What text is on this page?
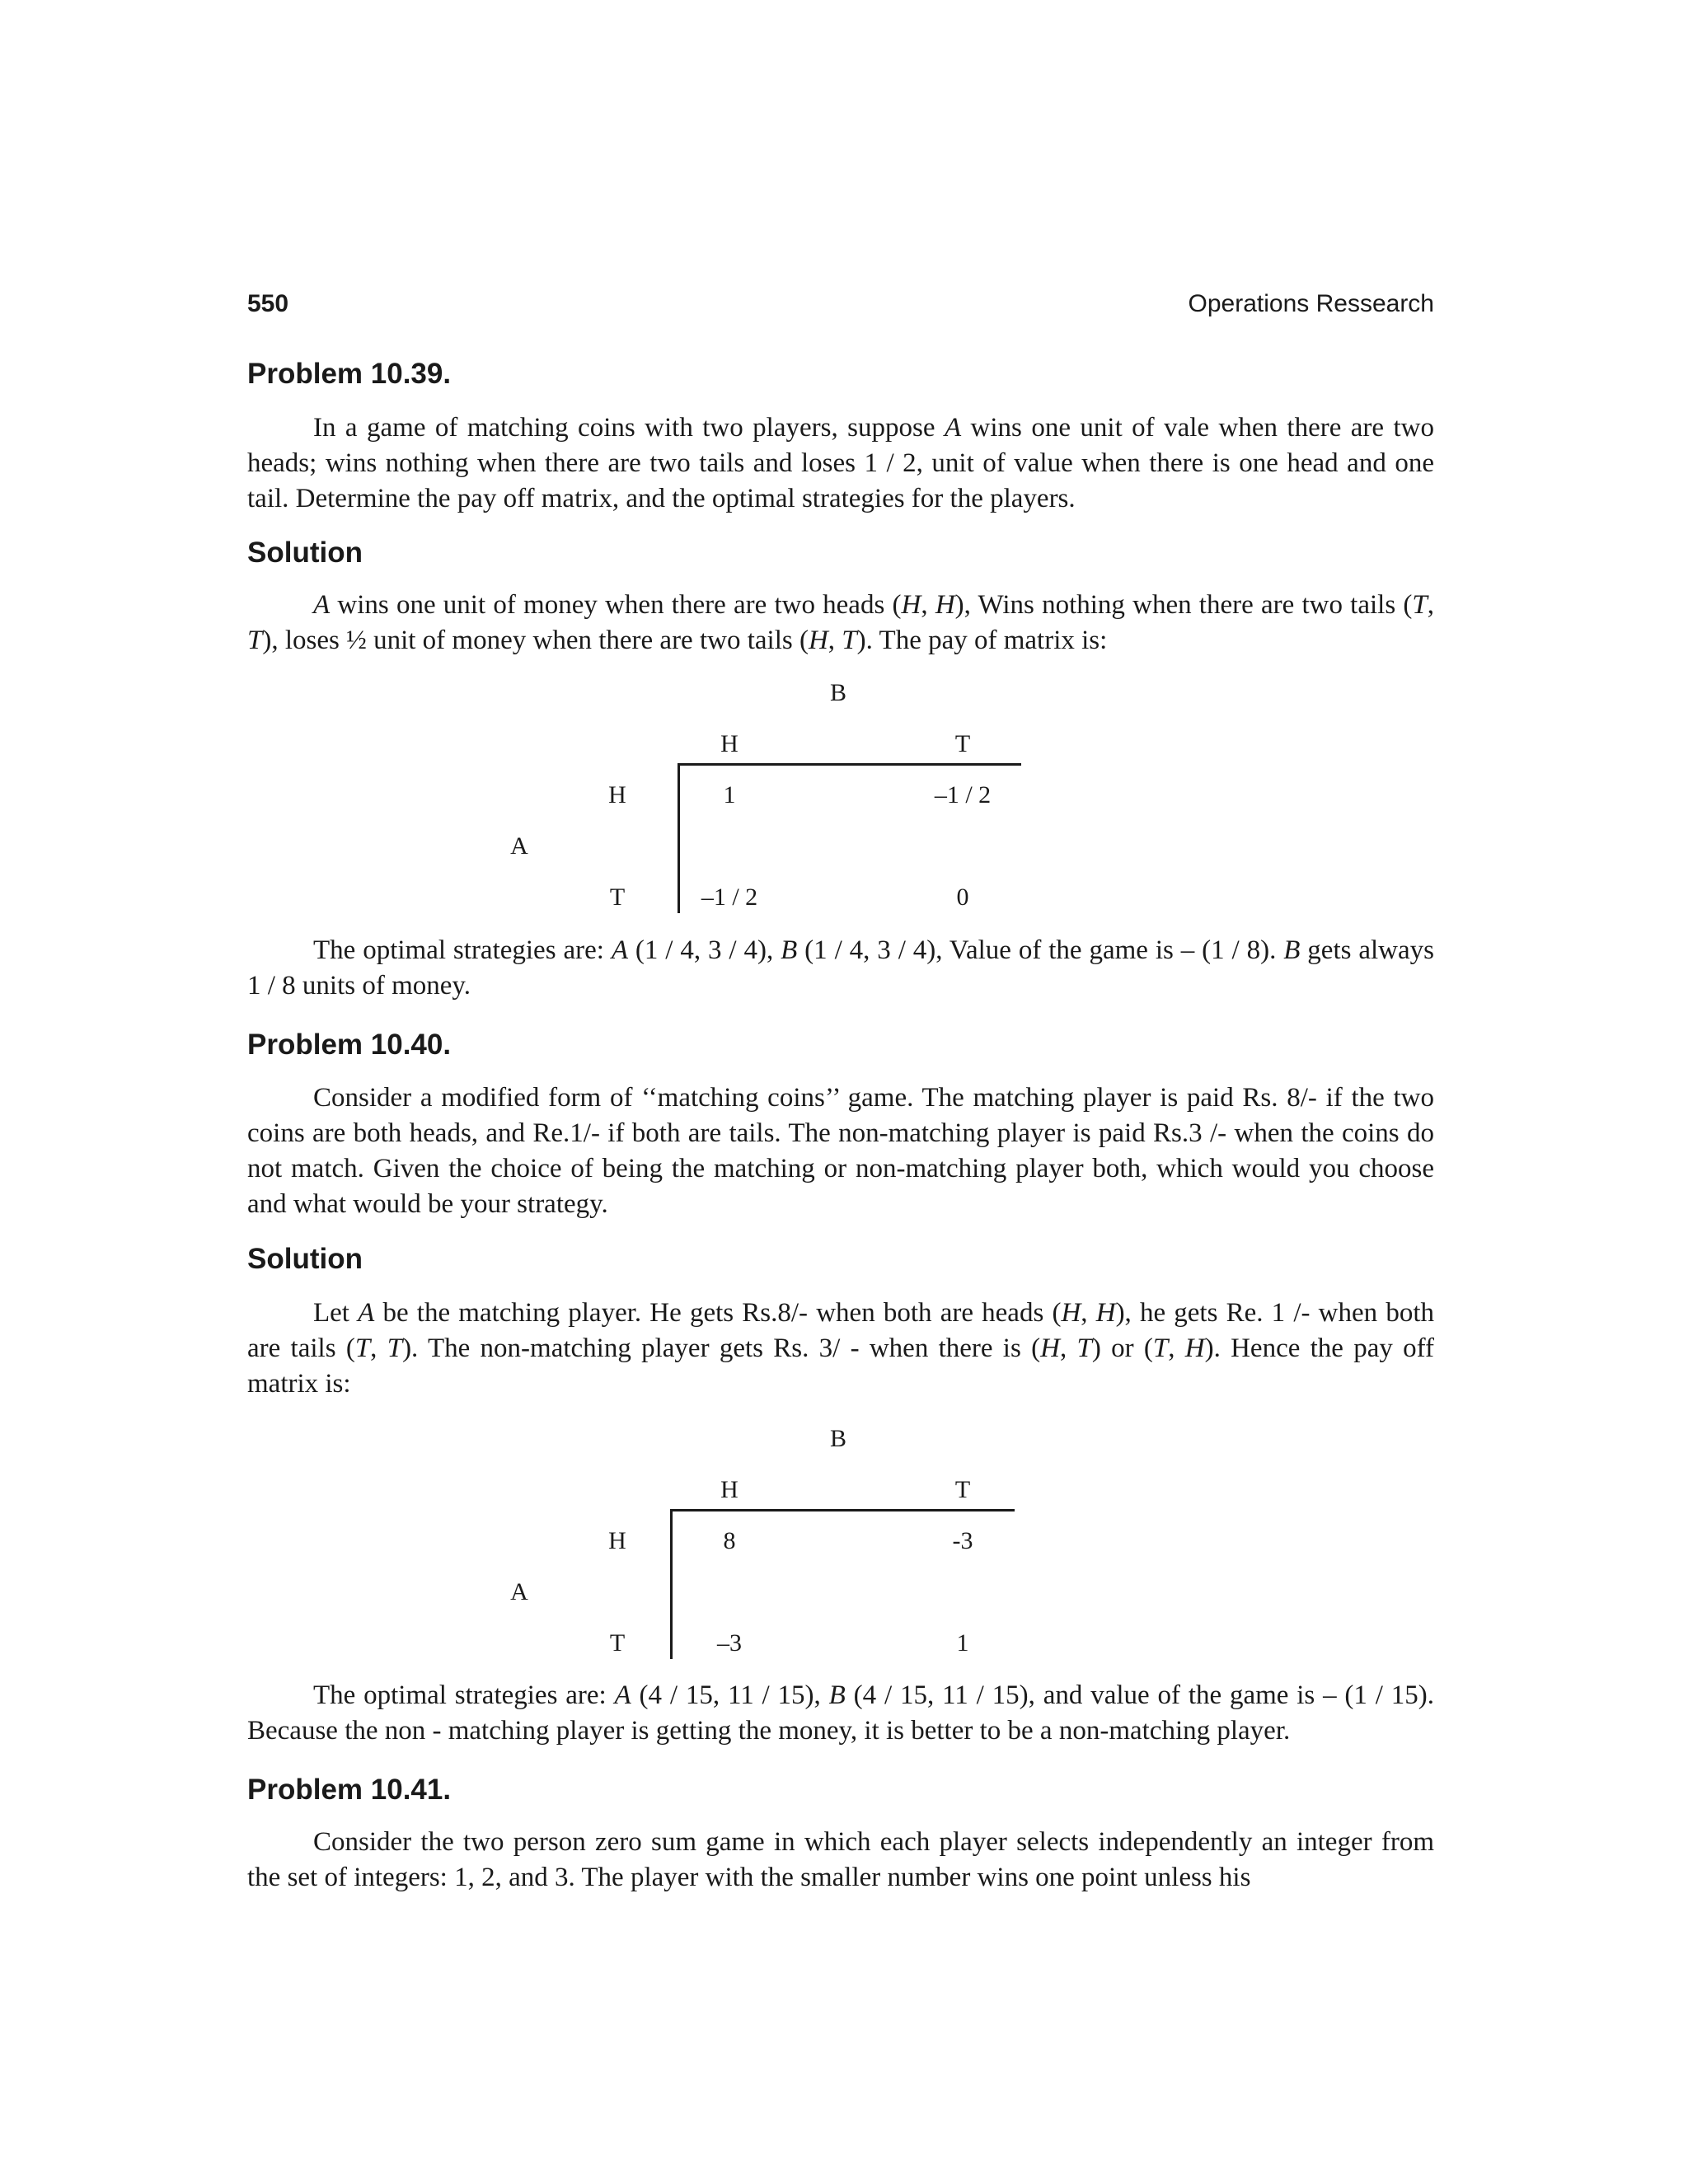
550	Operations Ressearch
Problem 10.39.

In a game of matching coins with two players, suppose A wins one unit of vale when there are two heads; wins nothing when there are two tails and loses 1 / 2, unit of value when there is one head and one tail. Determine the pay off matrix, and the optimal strategies for the players.

Solution

A wins one unit of money when there are two heads (H, H), Wins nothing when there are two tails (T, T), loses ½ unit of money when there are two tails (H, T). The pay of matrix is:

B
H	T
H	1	–1 / 2
A
T	–1 / 2	0

The optimal strategies are: A (1 / 4, 3 / 4), B (1 / 4, 3 / 4), Value of the game is – (1 / 8). B gets always 1 / 8 units of money.

Problem 10.40.

Consider a modified form of ‘‘matching coins’’ game. The matching player is paid Rs. 8/- if the two coins are both heads, and Re.1/- if both are tails. The non-matching player is paid Rs.3 /- when the coins do not match. Given the choice of being the matching or non-matching player both, which would you choose and what would be your strategy.

Solution

Let A be the matching player. He gets Rs.8/- when both are heads (H, H), he gets Re. 1 /- when both are tails (T, T). The non-matching player gets Rs. 3/ - when there is (H, T) or (T, H). Hence the pay off matrix is:

B
H	T
H	8	-3
A
T	–3	1

The optimal strategies are: A (4 / 15, 11 / 15), B (4 / 15, 11 / 15), and value of the game is – (1 / 15). Because the non - matching player is getting the money, it is better to be a non-matching player.

Problem 10.41.

Consider the two person zero sum game in which each player selects independently an integer from the set of integers: 1, 2, and 3. The player with the smaller number wins one point unless his
